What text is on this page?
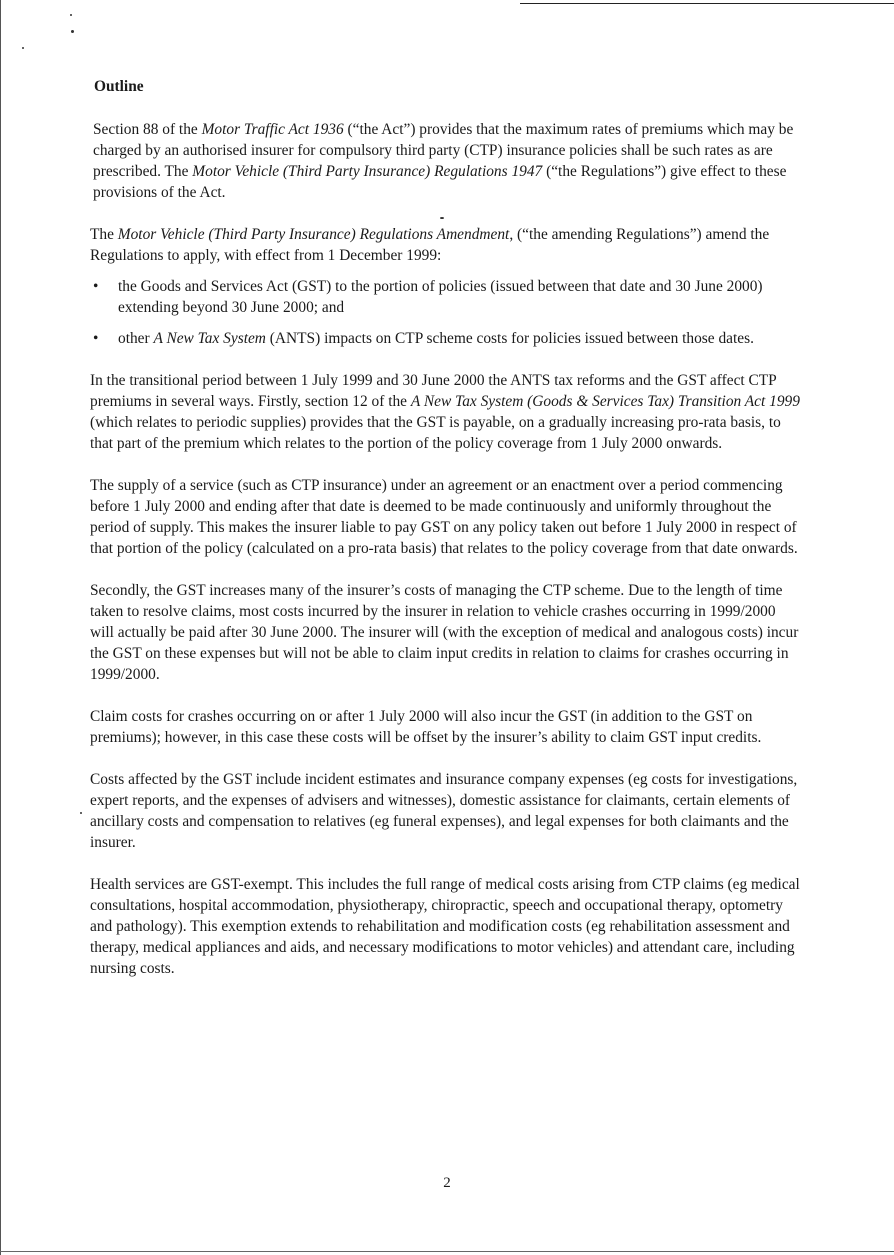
Outline

Section 88 of the Motor Traffic Act 1936 (“the Act”) provides that the maximum rates of premiums which may be charged by an authorised insurer for compulsory third party (CTP) insurance policies shall be such rates as are prescribed. The Motor Vehicle (Third Party Insurance) Regulations 1947 (“the Regulations”) give effect to these provisions of the Act.

The Motor Vehicle (Third Party Insurance) Regulations Amendment, (“the amending Regulations”) amend the Regulations to apply, with effect from 1 December 1999:

• the Goods and Services Act (GST) to the portion of policies (issued between that date and 30 June 2000) extending beyond 30 June 2000; and
• other A New Tax System (ANTS) impacts on CTP scheme costs for policies issued between those dates.

In the transitional period between 1 July 1999 and 30 June 2000 the ANTS tax reforms and the GST affect CTP premiums in several ways. Firstly, section 12 of the A New Tax System (Goods & Services Tax) Transition Act 1999 (which relates to periodic supplies) provides that the GST is payable, on a gradually increasing pro-rata basis, to that part of the premium which relates to the portion of the policy coverage from 1 July 2000 onwards.

The supply of a service (such as CTP insurance) under an agreement or an enactment over a period commencing before 1 July 2000 and ending after that date is deemed to be made continuously and uniformly throughout the period of supply. This makes the insurer liable to pay GST on any policy taken out before 1 July 2000 in respect of that portion of the policy (calculated on a pro-rata basis) that relates to the policy coverage from that date onwards.

Secondly, the GST increases many of the insurer’s costs of managing the CTP scheme. Due to the length of time taken to resolve claims, most costs incurred by the insurer in relation to vehicle crashes occurring in 1999/2000 will actually be paid after 30 June 2000. The insurer will (with the exception of medical and analogous costs) incur the GST on these expenses but will not be able to claim input credits in relation to claims for crashes occurring in 1999/2000.

Claim costs for crashes occurring on or after 1 July 2000 will also incur the GST (in addition to the GST on premiums); however, in this case these costs will be offset by the insurer’s ability to claim GST input credits.

Costs affected by the GST include incident estimates and insurance company expenses (eg costs for investigations, expert reports, and the expenses of advisers and witnesses), domestic assistance for claimants, certain elements of ancillary costs and compensation to relatives (eg funeral expenses), and legal expenses for both claimants and the insurer.

Health services are GST-exempt. This includes the full range of medical costs arising from CTP claims (eg medical consultations, hospital accommodation, physiotherapy, chiropractic, speech and occupational therapy, optometry and pathology). This exemption extends to rehabilitation and modification costs (eg rehabilitation assessment and therapy, medical appliances and aids, and necessary modifications to motor vehicles) and attendant care, including nursing costs.

2
